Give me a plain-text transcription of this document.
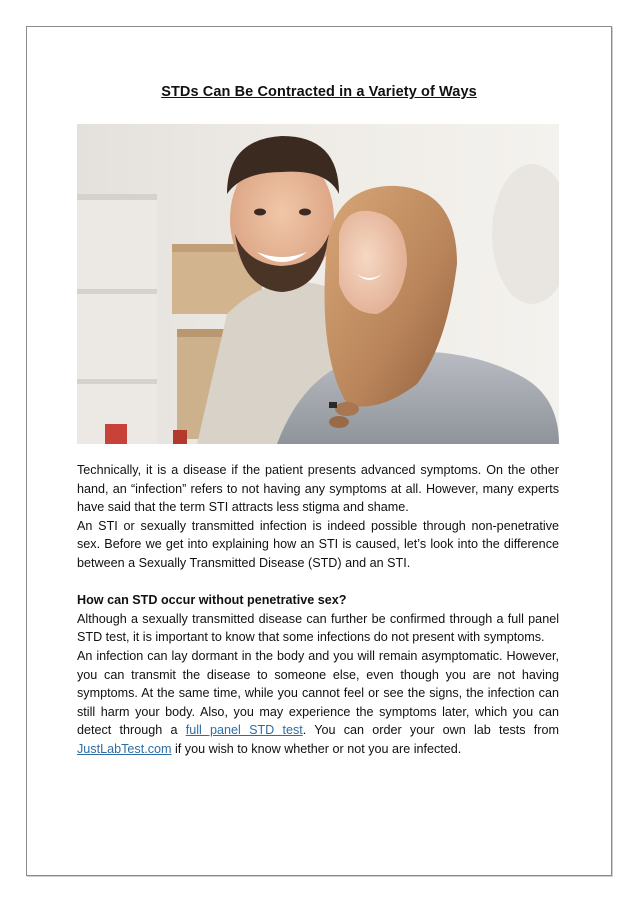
STDs Can Be Contracted in a Variety of Ways

Technically, it is a disease if the patient presents advanced symptoms. On the other hand, an “infection” refers to not having any symptoms at all. However, many experts have said that the term STI attracts less stigma and shame.

An STI or sexually transmitted infection is indeed possible through non-penetrative sex. Before we get into explaining how an STI is caused, let’s look into the difference between a Sexually Transmitted Disease (STD) and an STI.

How can STD occur without penetrative sex?

Although a sexually transmitted disease can further be confirmed through a full panel STD test, it is important to know that some infections do not present with symptoms.

An infection can lay dormant in the body and you will remain asymptomatic. However, you can transmit the disease to someone else, even though you are not having symptoms. At the same time, while you cannot feel or see the signs, the infection can still harm your body. Also, you may experience the symptoms later, which you can detect through a full panel STD test. You can order your own lab tests from JustLabTest.com if you wish to know whether or not you are infected.
